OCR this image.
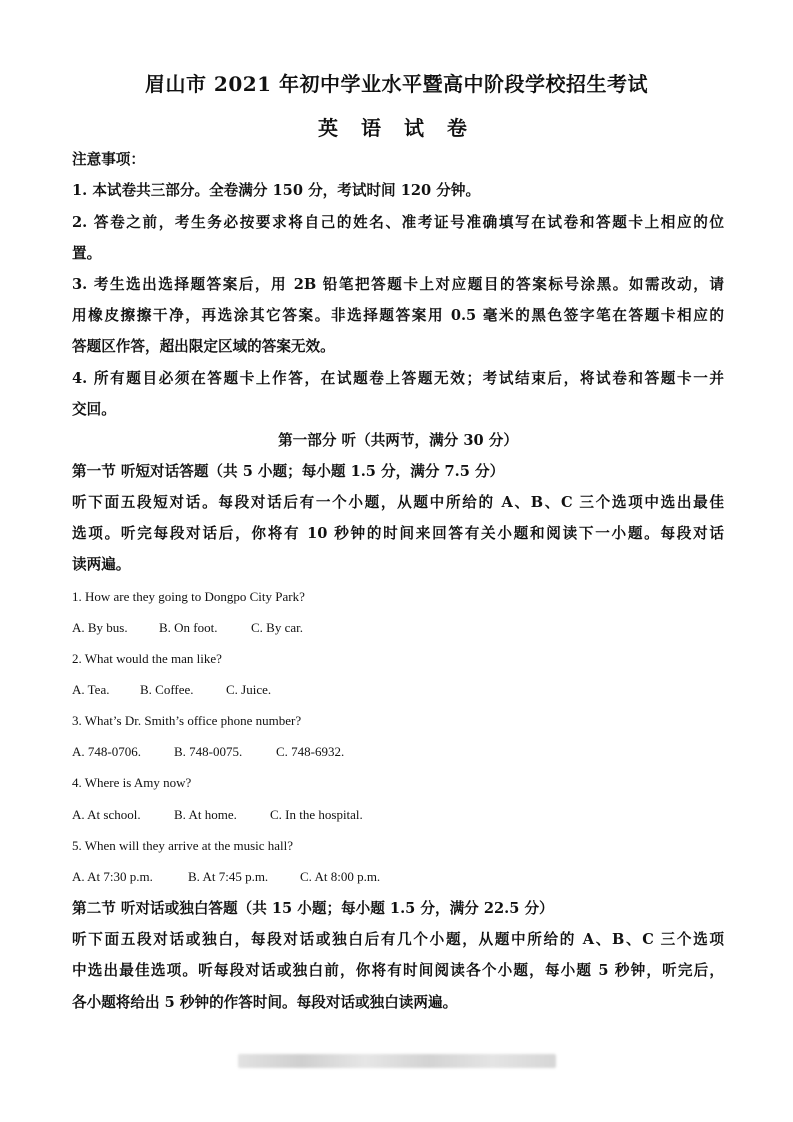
眉山市 2021 年初中学业水平暨高中阶段学校招生考试
英 语 试 卷
注意事项：
1. 本试卷共三部分。全卷满分 150 分，考试时间 120 分钟。
2. 答卷之前，考生务必按要求将自己的姓名、准考证号准确填写在试卷和答题卡上相应的位
置。
3. 考生选出选择题答案后，用 2B 铅笔把答题卡上对应题目的答案标号涂黑。如需改动，请
用橡皮擦擦干净，再选涂其它答案。非选择题答案用 0.5 毫米的黑色签字笔在答题卡相应的
答题区作答，超出限定区域的答案无效。
4. 所有题目必须在答题卡上作答，在试题卷上答题无效；考试结束后，将试卷和答题卡一并
交回。
第一部分 听（共两节，满分 30 分）
第一节 听短对话答题（共 5 小题；每小题 1.5 分，满分 7.5 分）
听下面五段短对话。每段对话后有一个小题，从题中所给的 A、B、C 三个选项中选出最佳
选项。听完每段对话后，你将有 10 秒钟的时间来回答有关小题和阅读下一小题。每段对话
读两遍。
1. How are they going to Dongpo City Park?
A. By bus. B. On foot.	C. By car.
2. What would the man like?
A. Tea. B. Coffee. C. Juice.
3. What’s Dr. Smith’s office phone number?
A. 748-0706.	B. 748-0075.	C. 748-6932.
4. Where is Amy now?
A. At school.	B. At home.	C. In the hospital.
5. When will they arrive at the music hall?
A. At 7:30 p.m.	B. At 7:45 p.m. C. At 8:00 p.m.
第二节 听对话或独白答题（共 15 小题；每小题 1.5 分，满分 22.5 分）
听下面五段对话或独白，每段对话或独白后有几个小题，从题中所给的 A、B、C 三个选项
中选出最佳选项。听每段对话或独白前，你将有时间阅读各个小题，每小题 5 秒钟，听完后，
各小题将给出 5 秒钟的作答时间。每段对话或独白读两遍。
